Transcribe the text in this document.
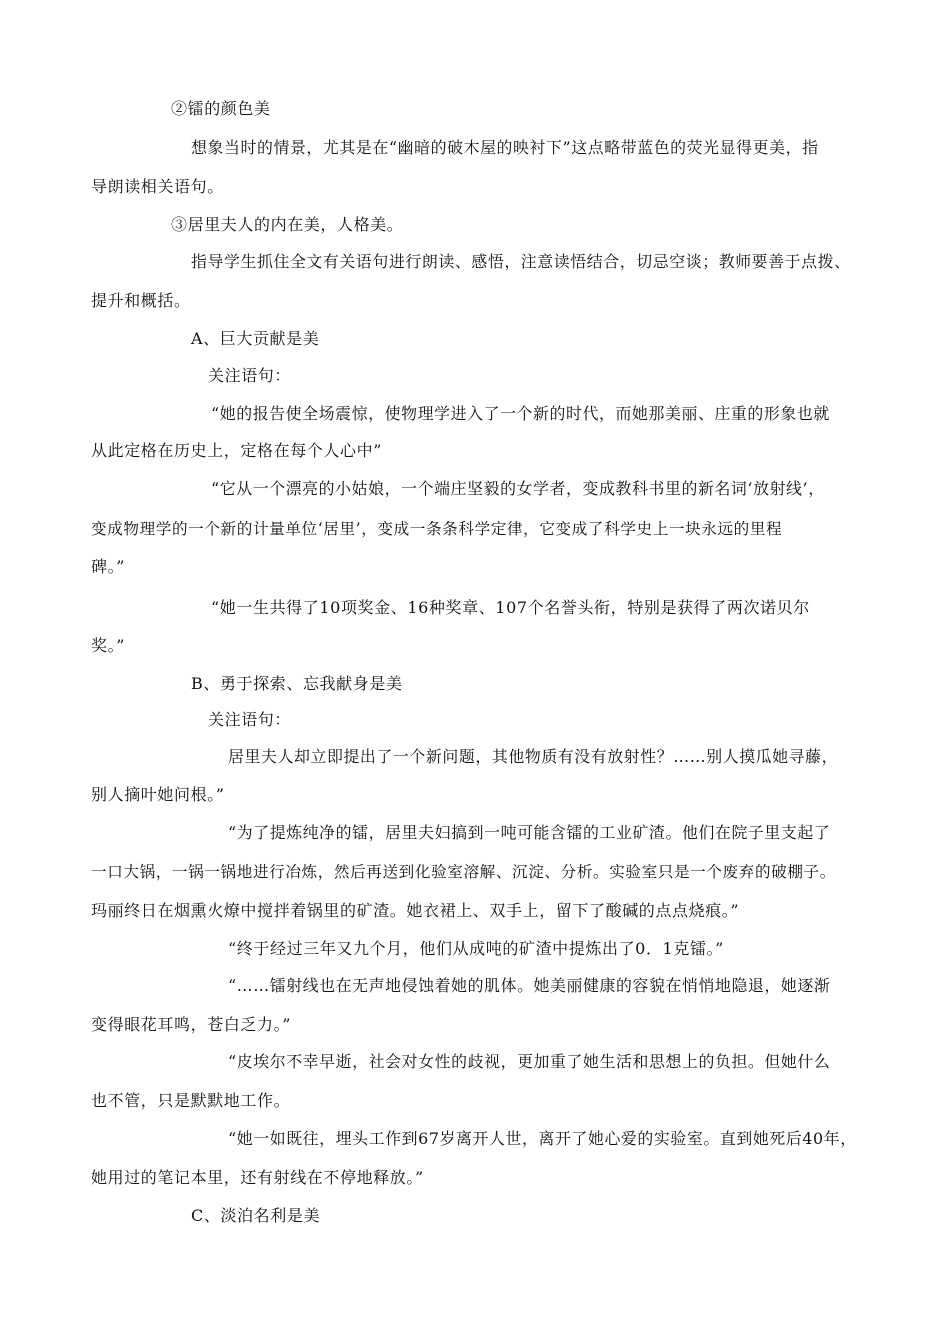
②镭的颜色美
想象当时的情景，尤其是在“幽暗的破木屋的映衬下”这点略带蓝色的荧光显得更美，指
导朗读相关语句。
③居里夫人的内在美，人格美。
指导学生抓住全文有关语句进行朗读、感悟，注意读悟结合，切忌空谈；教师要善于点拨、
提升和概括。
A、巨大贡献是美
关注语句：
“她的报告使全场震惊，使物理学进入了一个新的时代，而她那美丽、庄重的形象也就
从此定格在历史上，定格在每个人心中”
“它从一个漂亮的小姑娘，一个端庄坚毅的女学者，变成教科书里的新名词‘放射线’，
变成物理学的一个新的计量单位‘居里’，变成一条条科学定律，它变成了科学史上一块永远的里程
碑。”
“她一生共得了10项奖金、16种奖章、107个名誉头衔，特别是获得了两次诺贝尔
奖。”
B、勇于探索、忘我献身是美
关注语句：
居里夫人却立即提出了一个新问题，其他物质有没有放射性？……别人摸瓜她寻藤，
别人摘叶她问根。”
“为了提炼纯净的镭，居里夫妇搞到一吨可能含镭的工业矿渣。他们在院子里支起了
一口大锅，一锅一锅地进行冶炼，然后再送到化验室溶解、沉淀、分析。实验室只是一个废弃的破棚子。
玛丽终日在烟熏火燎中搅拌着锅里的矿渣。她衣裙上、双手上，留下了酸碱的点点烧痕。”
“终于经过三年又九个月，他们从成吨的矿渣中提炼出了0．1克镭。”
“……镭射线也在无声地侵蚀着她的肌体。她美丽健康的容貌在悄悄地隐退，她逐渐
变得眼花耳鸣，苍白乏力。”
“皮埃尔不幸早逝，社会对女性的歧视，更加重了她生活和思想上的负担。但她什么
也不管，只是默默地工作。
“她一如既往，埋头工作到67岁离开人世，离开了她心爱的实验室。直到她死后40年，
她用过的笔记本里，还有射线在不停地释放。”
C、淡泊名利是美
